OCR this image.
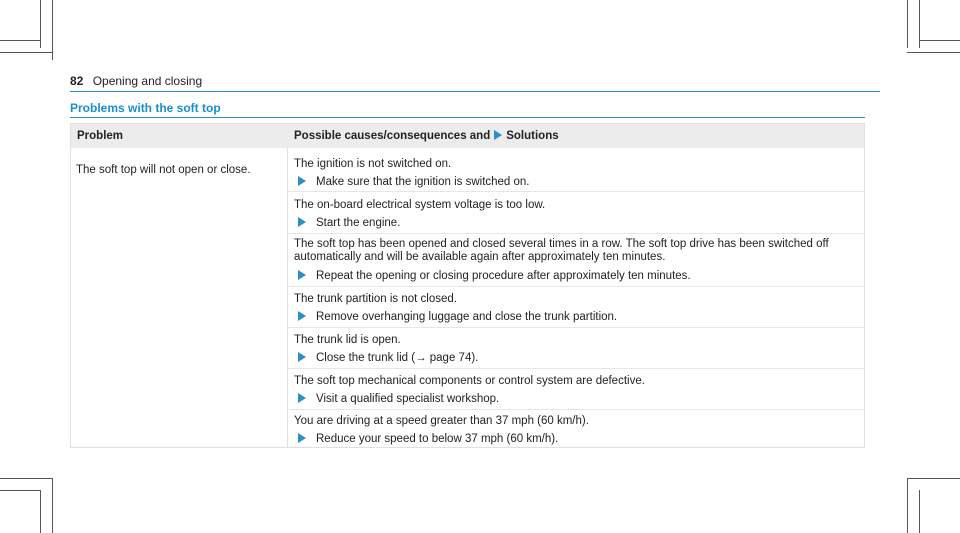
82 Opening and closing
Problems with the soft top
Problem	Possible causes/consequences and Solutions
The soft top will not open or close.	The ignition is not switched on.
Make sure that the ignition is switched on.
The on-board electrical system voltage is too low.
Start the engine.
The soft top has been opened and closed several times in a row. The soft top drive has been switched off automatically and will be available again after approximately ten minutes.
Repeat the opening or closing procedure after approximately ten minutes.
The trunk partition is not closed.
Remove overhanging luggage and close the trunk partition.
The trunk lid is open.
Close the trunk lid (→ page 74).
The soft top mechanical components or control system are defective.
Visit a qualified specialist workshop.
You are driving at a speed greater than 37 mph (60 km/h).
Reduce your speed to below 37 mph (60 km/h).
